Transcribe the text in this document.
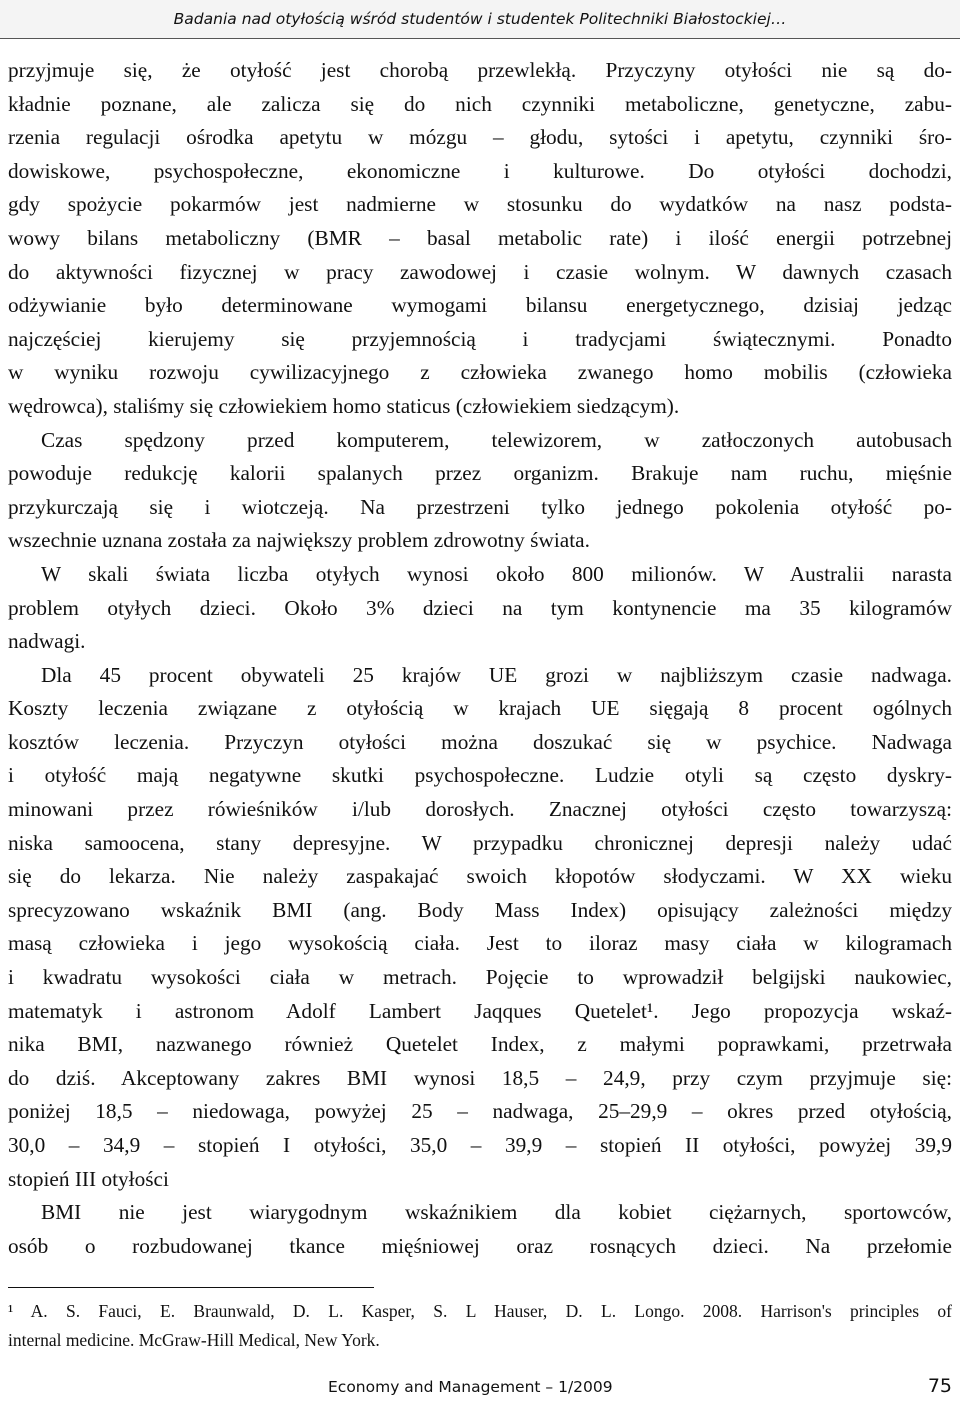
Badania nad otyłością wśród studentów i studentek Politechniki Białostockiej…

przyjmuje się, że otyłość jest chorobą przewlekłą. Przyczyny otyłości nie są do-
kładnie poznane, ale zalicza się do nich czynniki metaboliczne, genetyczne, zabu-
rzenia regulacji ośrodka apetytu w mózgu – głodu, sytości i apetytu, czynniki śro-
dowiskowe, psychospołeczne, ekonomiczne i kulturowe. Do otyłości dochodzi,
gdy spożycie pokarmów jest nadmierne w stosunku do wydatków na nasz podsta-
wowy bilans metaboliczny (BMR – basal metabolic rate) i ilość energii potrzebnej
do aktywności fizycznej w pracy zawodowej i czasie wolnym. W dawnych czasach
odżywianie było determinowane wymogami bilansu energetycznego, dzisiaj jedząc
najczęściej kierujemy się przyjemnością i tradycjami świątecznymi. Ponadto
w wyniku rozwoju cywilizacyjnego z człowieka zwanego homo mobilis (człowieka
wędrowca), staliśmy się człowiekiem homo staticus (człowiekiem siedzącym).

Czas spędzony przed komputerem, telewizorem, w zatłoczonych autobusach
powoduje redukcję kalorii spalanych przez organizm. Brakuje nam ruchu, mięśnie
przykurczają się i wiotczeją. Na przestrzeni tylko jednego pokolenia otyłość po-
wszechnie uznana została za największy problem zdrowotny świata.

W skali świata liczba otyłych wynosi około 800 milionów. W Australii narasta
problem otyłych dzieci. Około 3% dzieci na tym kontynencie ma 35 kilogramów
nadwagi.

Dla 45 procent obywateli 25 krajów UE grozi w najbliższym czasie nadwaga.
Koszty leczenia związane z otyłością w krajach UE sięgają 8 procent ogólnych
kosztów leczenia. Przyczyn otyłości można doszukać się w psychice. Nadwaga
i otyłość mają negatywne skutki psychospołeczne. Ludzie otyli są często dyskry-
minowani przez rówieśników i/lub dorosłych. Znacznej otyłości często towarzyszą:
niska samoocena, stany depresyjne. W przypadku chronicznej depresji należy udać
się do lekarza. Nie należy zaspakajać swoich kłopotów słodyczami. W XX wieku
sprecyzowano wskaźnik BMI (ang. Body Mass Index) opisujący zależności między
masą człowieka i jego wysokością ciała. Jest to iloraz masy ciała w kilogramach
i kwadratu wysokości ciała w metrach. Pojęcie to wprowadził belgijski naukowiec,
matematyk i astronom Adolf Lambert Jaqques Quetelet¹. Jego propozycja wskaź-
nika BMI, nazwanego również Quetelet Index, z małymi poprawkami, przetrwała
do dziś. Akceptowany zakres BMI wynosi 18,5 – 24,9, przy czym przyjmuje się:
poniżej 18,5 – niedowaga, powyżej 25 – nadwaga, 25–29,9 – okres przed otyłością,
30,0 – 34,9 – stopień I otyłości, 35,0 – 39,9 – stopień II otyłości, powyżej 39,9
stopień III otyłości

BMI nie jest wiarygodnym wskaźnikiem dla kobiet ciężarnych, sportowców,
osób o rozbudowanej tkance mięśniowej oraz rosnących dzieci. Na przełomie

¹ A. S. Fauci, E. Braunwald, D. L. Kasper, S. L Hauser, D. L. Longo. 2008. Harrison's principles of
internal medicine. McGraw-Hill Medical, New York.
Economy and Management – 1/2009	75
